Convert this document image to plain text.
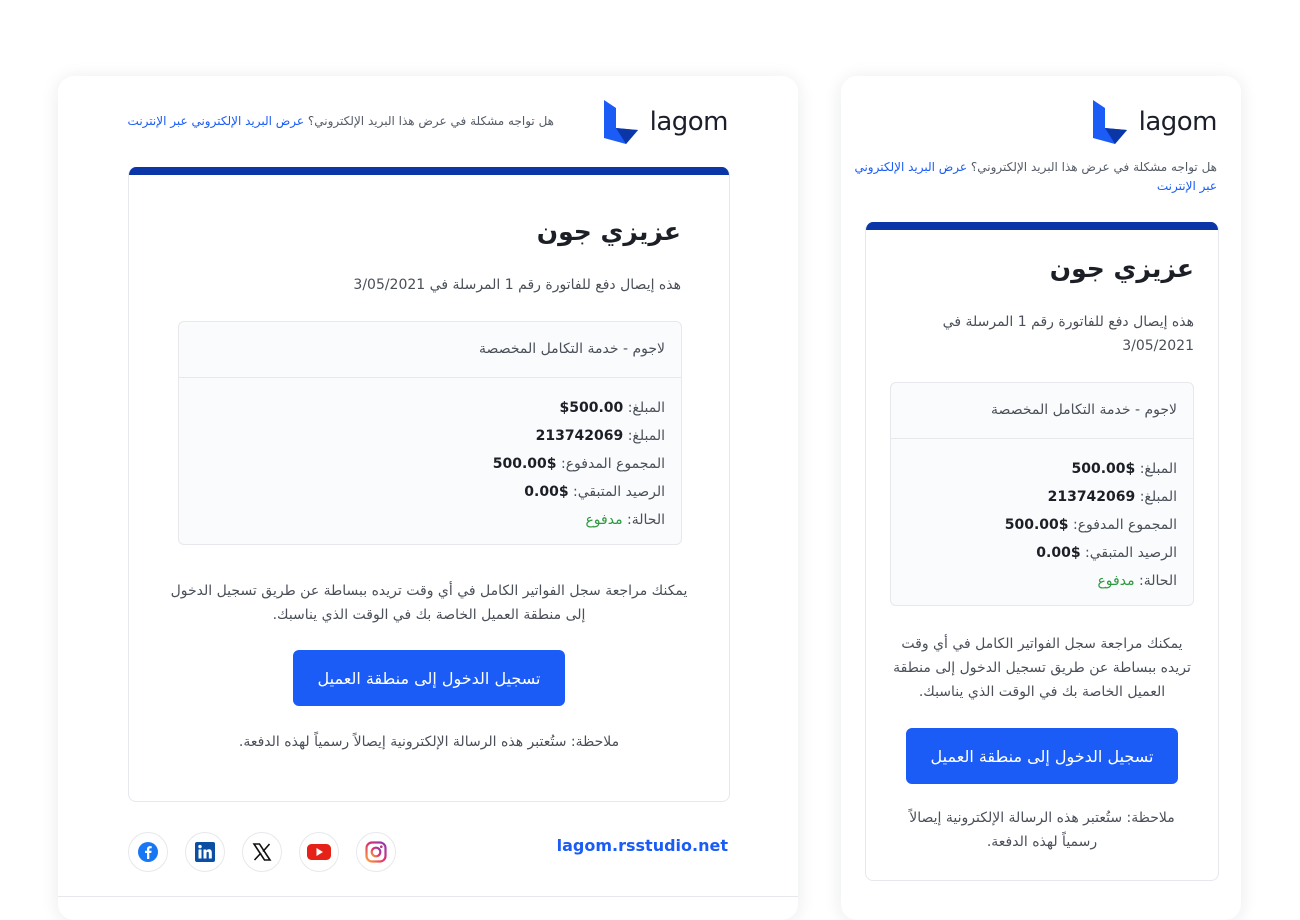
lagom
هل تواجه مشكلة في عرض هذا البريد الإلكتروني؟ عرض البريد الإلكتروني عبر الإنترنت
عزيزي جون
هذه إيصال دفع للفاتورة رقم 1 المرسلة في 3/05/2021
لاجوم - خدمة التكامل المخصصة
المبلغ: 500.00$
المبلغ: 213742069
المجموع المدفوع: $500.00
الرصيد المتبقي: $0.00
الحالة: مدفوع
يمكنك مراجعة سجل الفواتير الكامل في أي وقت تريده ببساطة عن طريق تسجيل الدخول إلى منطقة العميل الخاصة بك في الوقت الذي يناسبك.
تسجيل الدخول إلى منطقة العميل
ملاحظة: ستُعتبر هذه الرسالة الإلكترونية إيصالاً رسمياً لهذه الدفعة.
lagom.rsstudio.net
lagom
هل تواجه مشكلة في عرض هذا البريد الإلكتروني؟ عرض البريد الإلكتروني عبر الإنترنت
عزيزي جون
هذه إيصال دفع للفاتورة رقم 1 المرسلة في 3/05/2021
لاجوم - خدمة التكامل المخصصة
المبلغ: $500.00
المبلغ: 213742069
المجموع المدفوع: $500.00
الرصيد المتبقي: $0.00
الحالة: مدفوع
يمكنك مراجعة سجل الفواتير الكامل في أي وقت تريده ببساطة عن طريق تسجيل الدخول إلى منطقة العميل الخاصة بك في الوقت الذي يناسبك.
تسجيل الدخول إلى منطقة العميل
ملاحظة: ستُعتبر هذه الرسالة الإلكترونية إيصالاً رسمياً لهذه الدفعة.
